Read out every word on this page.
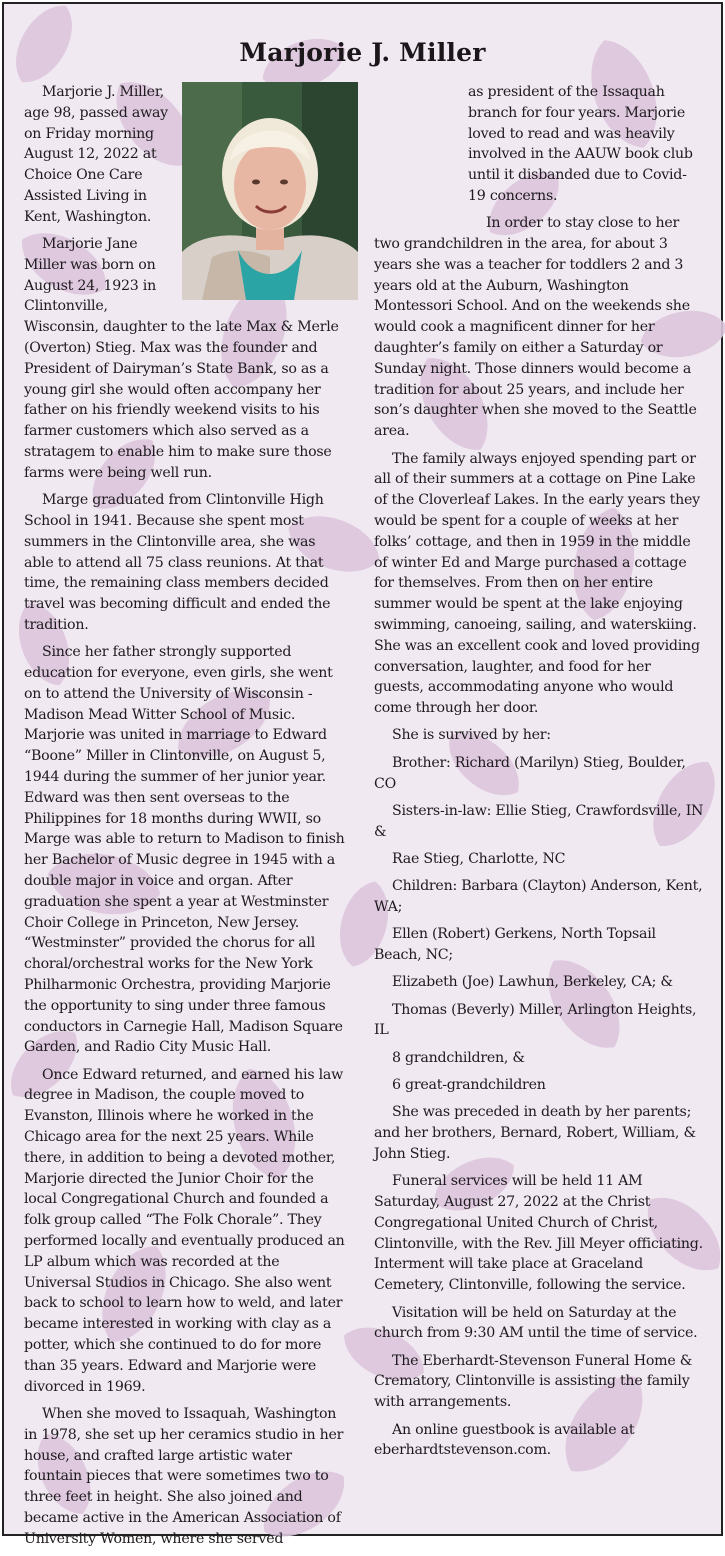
Marjorie J. Miller

Marjorie J. Miller, age 98, passed away on Friday morning August 12, 2022 at Choice One Care Assisted Living in Kent, Washington.

Marjorie Jane Miller was born on August 24, 1923 in Clintonville, Wisconsin, daughter to the late Max & Merle (Overton) Stieg. Max was the founder and President of Dairyman’s State Bank, so as a young girl she would often accompany her father on his friendly weekend visits to his farmer customers which also served as a stratagem to enable him to make sure those farms were being well run.

Marge graduated from Clintonville High School in 1941. Because she spent most summers in the Clintonville area, she was able to attend all 75 class reunions. At that time, the remaining class members decided travel was becoming difficult and ended the tradition.

Since her father strongly supported education for everyone, even girls, she went on to attend the University of Wisconsin - Madison Mead Witter School of Music. Marjorie was united in marriage to Edward “Boone” Miller in Clintonville, on August 5, 1944 during the summer of her junior year. Edward was then sent overseas to the Philippines for 18 months during WWII, so Marge was able to return to Madison to finish her Bachelor of Music degree in 1945 with a double major in voice and organ. After graduation she spent a year at Westminster Choir College in Princeton, New Jersey. “Westminster” provided the chorus for all choral/orchestral works for the New York Philharmonic Orchestra, providing Marjorie the opportunity to sing under three famous conductors in Carnegie Hall, Madison Square Garden, and Radio City Music Hall.

Once Edward returned, and earned his law degree in Madison, the couple moved to Evanston, Illinois where he worked in the Chicago area for the next 25 years. While there, in addition to being a devoted mother, Marjorie directed the Junior Choir for the local Congregational Church and founded a folk group called “The Folk Chorale”. They performed locally and eventually produced an LP album which was recorded at the Universal Studios in Chicago. She also went back to school to learn how to weld, and later became interested in working with clay as a potter, which she continued to do for more than 35 years. Edward and Marjorie were divorced in 1969.

When she moved to Issaquah, Washington in 1978, she set up her ceramics studio in her house, and crafted large artistic water fountain pieces that were sometimes two to three feet in height. She also joined and became active in the American Association of University Women, where she served

as president of the Issaquah branch for four years. Marjorie loved to read and was heavily involved in the AAUW book club until it disbanded due to Covid-19 concerns.

In order to stay close to her two grandchildren in the area, for about 3 years she was a teacher for toddlers 2 and 3 years old at the Auburn, Washington Montessori School. And on the weekends she would cook a magnificent dinner for her daughter’s family on either a Saturday or Sunday night. Those dinners would become a tradition for about 25 years, and include her son’s daughter when she moved to the Seattle area.

The family always enjoyed spending part or all of their summers at a cottage on Pine Lake of the Cloverleaf Lakes. In the early years they would be spent for a couple of weeks at her folks’ cottage, and then in 1959 in the middle of winter Ed and Marge purchased a cottage for themselves. From then on her entire summer would be spent at the lake enjoying swimming, canoeing, sailing, and waterskiing. She was an excellent cook and loved providing conversation, laughter, and food for her guests, accommodating anyone who would come through her door.

She is survived by her:

Brother: Richard (Marilyn) Stieg, Boulder, CO

Sisters-in-law: Ellie Stieg, Crawfordsville, IN &

Rae Stieg, Charlotte, NC

Children: Barbara (Clayton) Anderson, Kent, WA;

Ellen (Robert) Gerkens, North Topsail Beach, NC;

Elizabeth (Joe) Lawhun, Berkeley, CA; &

Thomas (Beverly) Miller, Arlington Heights, IL

8 grandchildren, &

6 great-grandchildren

She was preceded in death by her parents; and her brothers, Bernard, Robert, William, & John Stieg.

Funeral services will be held 11 AM Saturday, August 27, 2022 at the Christ Congregational United Church of Christ, Clintonville, with the Rev. Jill Meyer officiating. Interment will take place at Graceland Cemetery, Clintonville, following the service.

Visitation will be held on Saturday at the church from 9:30 AM until the time of service.

The Eberhardt-Stevenson Funeral Home & Crematory, Clintonville is assisting the family with arrangements.

An online guestbook is available at eberhardtstevenson.com.
